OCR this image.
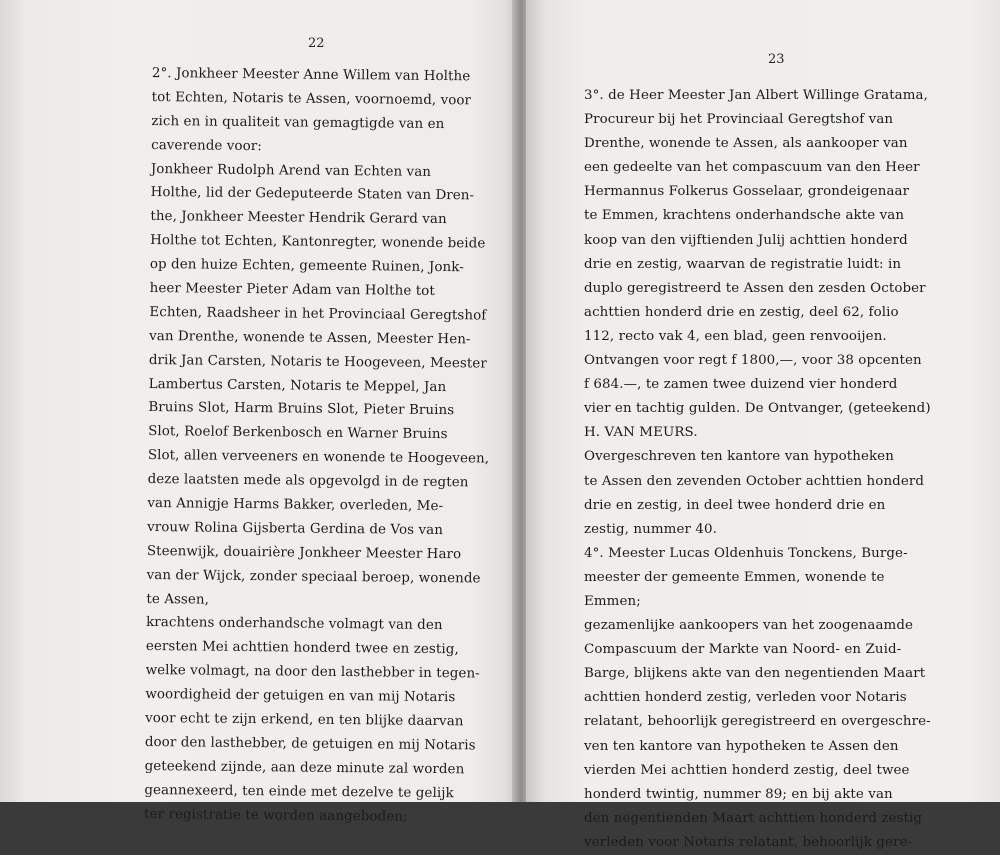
22
2°. Jonkheer Meester Anne Willem van Holthe
tot Echten, Notaris te Assen, voornoemd, voor
zich en in qualiteit van gemagtigde van en
caverende voor:
Jonkheer Rudolph Arend van Echten van
Holthe, lid der Gedeputeerde Staten van Dren-
the, Jonkheer Meester Hendrik Gerard van
Holthe tot Echten, Kantonregter, wonende beide
op den huize Echten, gemeente Ruinen, Jonk-
heer Meester Pieter Adam van Holthe tot
Echten, Raadsheer in het Provinciaal Geregtshof
van Drenthe, wonende te Assen, Meester Hen-
drik Jan Carsten, Notaris te Hoogeveen, Meester
Lambertus Carsten, Notaris te Meppel, Jan
Bruins Slot, Harm Bruins Slot, Pieter Bruins
Slot, Roelof Berkenbosch en Warner Bruins
Slot, allen verveeners en wonende te Hoogeveen,
deze laatsten mede als opgevolgd in de regten
van Annigje Harms Bakker, overleden, Me-
vrouw Rolina Gijsberta Gerdina de Vos van
Steenwijk, douairière Jonkheer Meester Haro
van der Wijck, zonder speciaal beroep, wonende
te Assen,
krachtens onderhandsche volmagt van den
eersten Mei achttien honderd twee en zestig,
welke volmagt, na door den lasthebber in tegen-
woordigheid der getuigen en van mij Notaris
voor echt te zijn erkend, en ten blijke daarvan
door den lasthebber, de getuigen en mij Notaris
geteekend zijnde, aan deze minute zal worden
geannexeerd, ten einde met dezelve te gelijk
ter registratie te worden aangeboden;
23
3°. de Heer Meester Jan Albert Willinge Gratama,
Procureur bij het Provinciaal Geregtshof van
Drenthe, wonende te Assen, als aankooper van
een gedeelte van het compascuum van den Heer
Hermannus Folkerus Gosselaar, grondeigenaar
te Emmen, krachtens onderhandsche akte van
koop van den vijftienden Julij achttien honderd
drie en zestig, waarvan de registratie luidt: in
duplo geregistreerd te Assen den zesden October
achttien honderd drie en zestig, deel 62, folio
112, recto vak 4, een blad, geen renvooijen.
Ontvangen voor regt f 1800,—, voor 38 opcenten
f 684.—, te zamen twee duizend vier honderd
vier en tachtig gulden. De Ontvanger, (geteekend)
H. VAN MEURS.
Overgeschreven ten kantore van hypotheken
te Assen den zevenden October achttien honderd
drie en zestig, in deel twee honderd drie en
zestig, nummer 40.
4°. Meester Lucas Oldenhuis Tonckens, Burge-
meester der gemeente Emmen, wonende te
Emmen;
gezamenlijke aankoopers van het zoogenaamde
Compascuum der Markte van Noord- en Zuid-
Barge, blijkens akte van den negentienden Maart
achttien honderd zestig, verleden voor Notaris
relatant, behoorlijk geregistreerd en overgeschre-
ven ten kantore van hypotheken te Assen den
vierden Mei achttien honderd zestig, deel twee
honderd twintig, nummer 89; en bij akte van
den negentienden Maart achttien honderd zestig
verleden voor Notaris relatant, behoorlijk gere-
